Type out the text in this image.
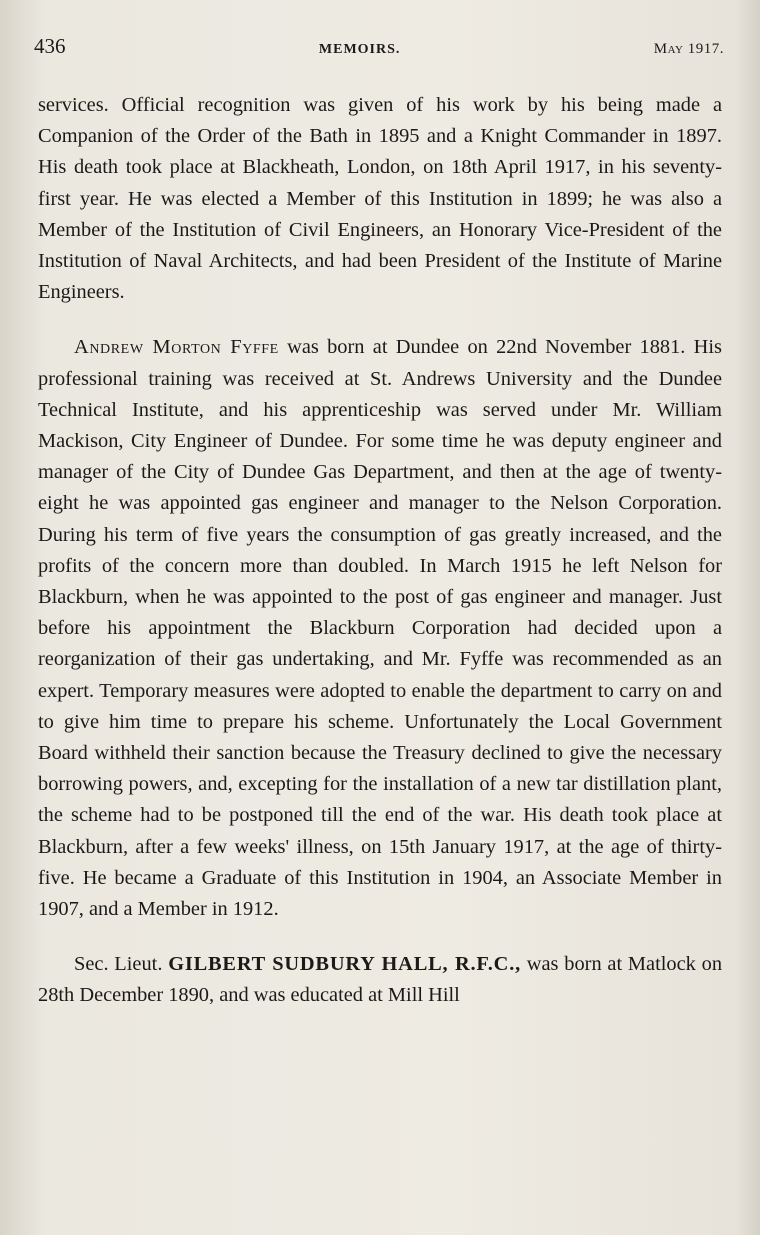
436	MEMOIRS.	May 1917.

services. Official recognition was given of his work by his being made a Companion of the Order of the Bath in 1895 and a Knight Commander in 1897. His death took place at Blackheath, London, on 18th April 1917, in his seventy-first year. He was elected a Member of this Institution in 1899; he was also a Member of the Institution of Civil Engineers, an Honorary Vice-President of the Institution of Naval Architects, and had been President of the Institute of Marine Engineers.

Andrew Morton Fyffe was born at Dundee on 22nd November 1881. His professional training was received at St. Andrews University and the Dundee Technical Institute, and his apprenticeship was served under Mr. William Mackison, City Engineer of Dundee. For some time he was deputy engineer and manager of the City of Dundee Gas Department, and then at the age of twenty-eight he was appointed gas engineer and manager to the Nelson Corporation. During his term of five years the consumption of gas greatly increased, and the profits of the concern more than doubled. In March 1915 he left Nelson for Blackburn, when he was appointed to the post of gas engineer and manager. Just before his appointment the Blackburn Corporation had decided upon a reorganization of their gas undertaking, and Mr. Fyffe was recommended as an expert. Temporary measures were adopted to enable the department to carry on and to give him time to prepare his scheme. Unfortunately the Local Government Board withheld their sanction because the Treasury declined to give the necessary borrowing powers, and, excepting for the installation of a new tar distillation plant, the scheme had to be postponed till the end of the war. His death took place at Blackburn, after a few weeks' illness, on 15th January 1917, at the age of thirty-five. He became a Graduate of this Institution in 1904, an Associate Member in 1907, and a Member in 1912.

Sec. Lieut. GILBERT SUDBURY HALL, R.F.C., was born at Matlock on 28th December 1890, and was educated at Mill Hill
